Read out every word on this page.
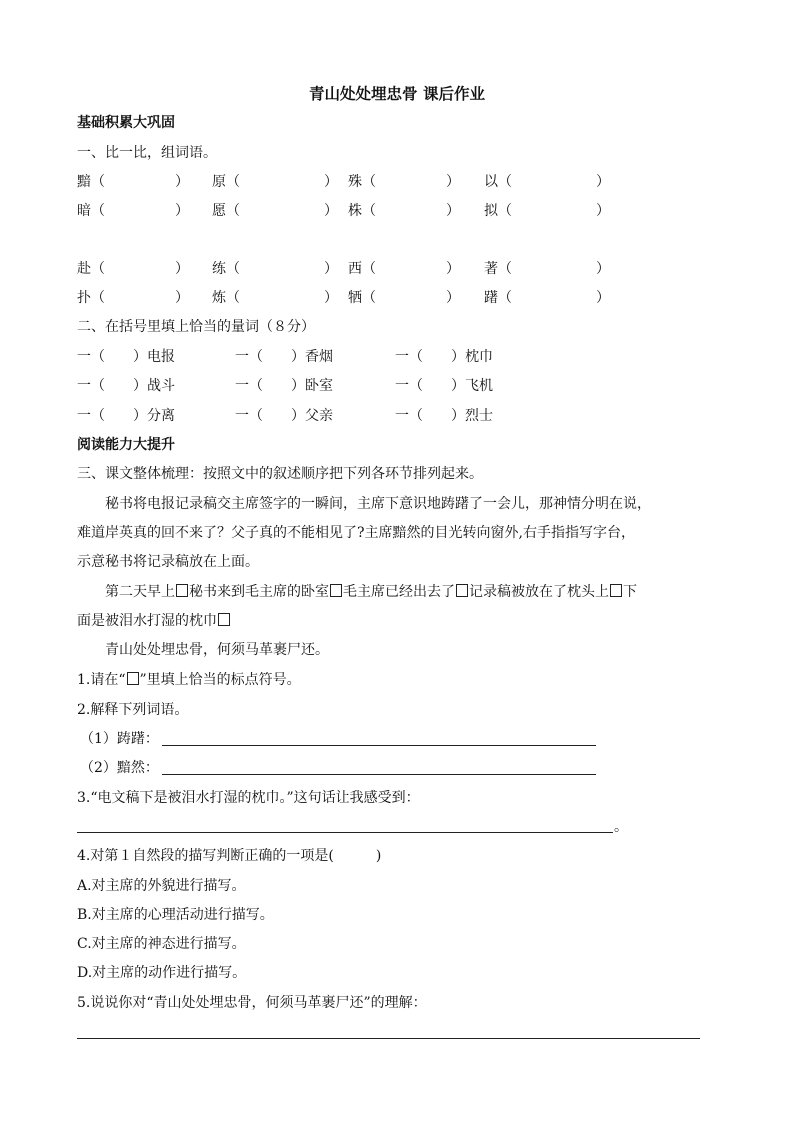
青山处处埋忠骨 课后作业
基础积累大巩固
一、比一比，组词语。
黯（　　　　　） 原（　　　　　　） 殊（　　　　　） 以（　　　　　　）
暗（　　　　　） 愿（　　　　　　） 株（　　　　　） 拟（　　　　　　）
赴（　　　　　） 练（　　　　　　） 西（　　　　　） 著（　　　　　　）
扑（　　　　　） 炼（　　　　　　） 牺（　　　　　） 躇（　　　　　　）
二、在括号里填上恰当的量词（８分）
一（　　）电报	一（　　）香烟	一（　　）枕巾
一（　　）战斗	一（　　）卧室	一（　　）飞机
一（　　）分离	一（　　）父亲	一（　　）烈士
阅读能力大提升
三、课文整体梳理：按照文中的叙述顺序把下列各环节排列起来。
秘书将电报记录稿交主席签字的一瞬间，主席下意识地踌躇了一会儿，那神情分明在说，
难道岸英真的回不来了？父子真的不能相见了?主席黯然的目光转向窗外,右手指指写字台，
示意秘书将记录稿放在上面。
第二天早上 秘书来到毛主席的卧室 毛主席已经出去了 记录稿被放在了枕头上 下
面是被泪水打湿的枕巾
青山处处埋忠骨，何须马革裹尸还。
1.请在“ ”里填上恰当的标点符号。
2.解释下列词语。
（1）踌躇：
（2）黯然：
3.“电文稿下是被泪水打湿的枕巾。”这句话让我感受到：
。
4.对第１自然段的描写判断正确的一项是(　　　)
A.对主席的外貌进行描写。
B.对主席的心理活动进行描写。
C.对主席的神态进行描写。
D.对主席的动作进行描写。
5.说说你对“青山处处埋忠骨，何须马革裹尸还”的理解：
